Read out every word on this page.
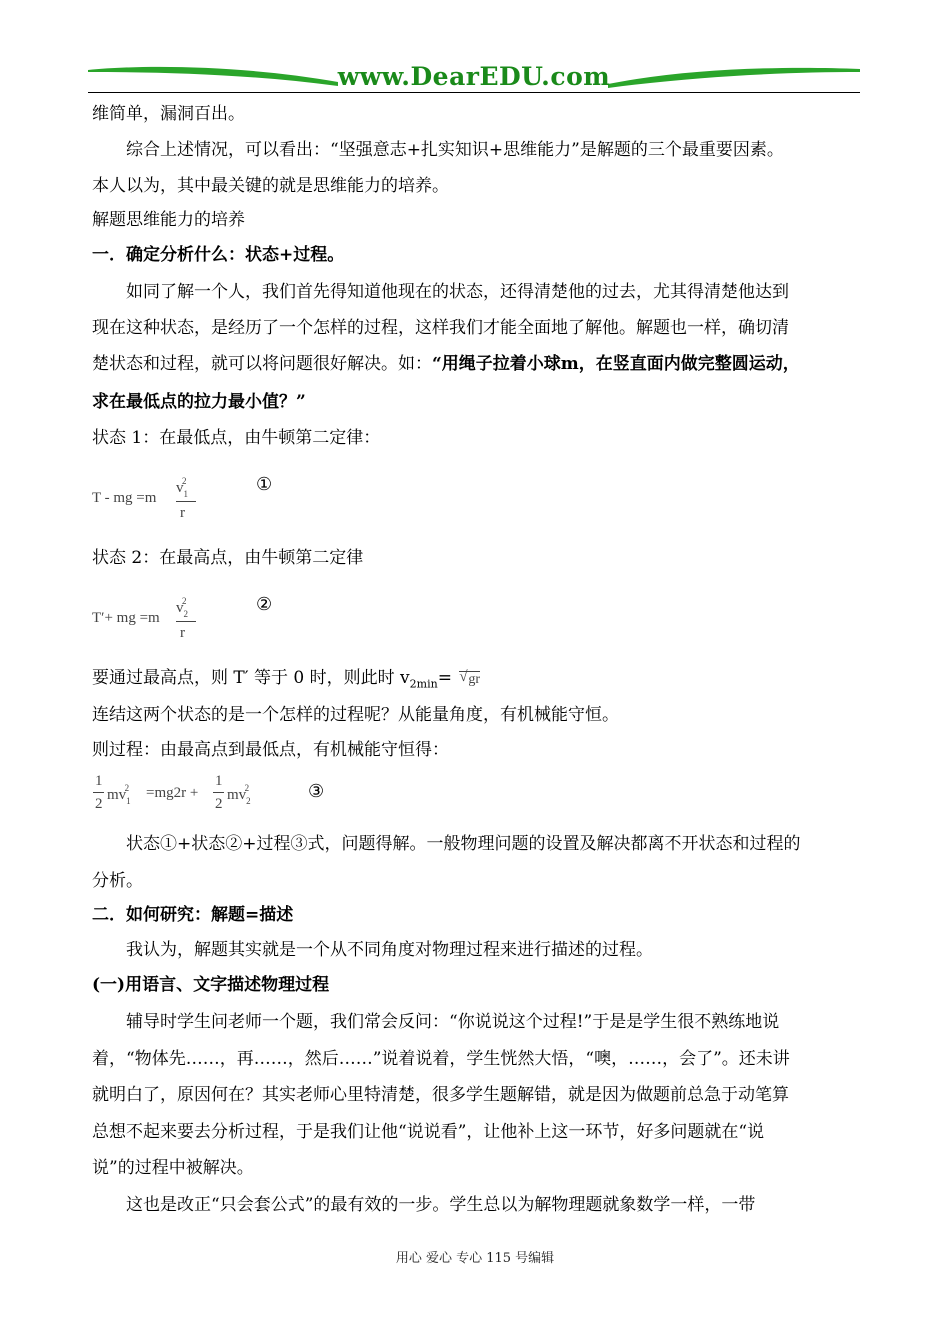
www.DearEDU.com
维简单，漏洞百出。
综合上述情况，可以看出：“坚强意志+扎实知识+思维能力”是解题的三个最重要因素。
本人以为，其中最关键的就是思维能力的培养。
解题思维能力的培养
一．确定分析什么：状态+过程。
如同了解一个人，我们首先得知道他现在的状态，还得清楚他的过去，尤其得清楚他达到
现在这种状态，是经历了一个怎样的过程，这样我们才能全面地了解他。解题也一样，确切清
楚状态和过程，就可以将问题很好解决。如：“用绳子拉着小球m，在竖直面内做完整圆运动，
求在最低点的拉力最小值？”
状态 1：在最低点，由牛顿第二定律：
T - mg =m
$v_1^2$
r
①
状态 2：在最高点，由牛顿第二定律
T′+ mg =m
$v_2^2$
r
②
要通过最高点，则 T′ 等于 0 时，则此时 $v_{2min}=$ √ gr
连结这两个状态的是一个怎样的过程呢？从能量角度，有机械能守恒。
则过程：由最高点到最低点，有机械能守恒得：
1
2
$mv_1^2$	=mg2r +
1
2
$mv_2^2$	③
状态①+状态②+过程③式，问题得解。一般物理问题的设置及解决都离不开状态和过程的
分析。
二．如何研究：解题=描述
我认为，解题其实就是一个从不同角度对物理过程来进行描述的过程。
(一)用语言、文字描述物理过程
辅导时学生问老师一个题，我们常会反问：“你说说这个过程!”于是是学生很不熟练地说
着，“物体先……，再……，然后……”说着说着，学生恍然大悟，“噢，……，会了”。还未讲
就明白了，原因何在？其实老师心里特清楚，很多学生题解错，就是因为做题前总急于动笔算
总想不起来要去分析过程，于是我们让他“说说看”，让他补上这一环节，好多问题就在“说
说”的过程中被解决。
这也是改正“只会套公式”的最有效的一步。学生总以为解物理题就象数学一样，一带
用心 爱心 专心 115 号编辑
